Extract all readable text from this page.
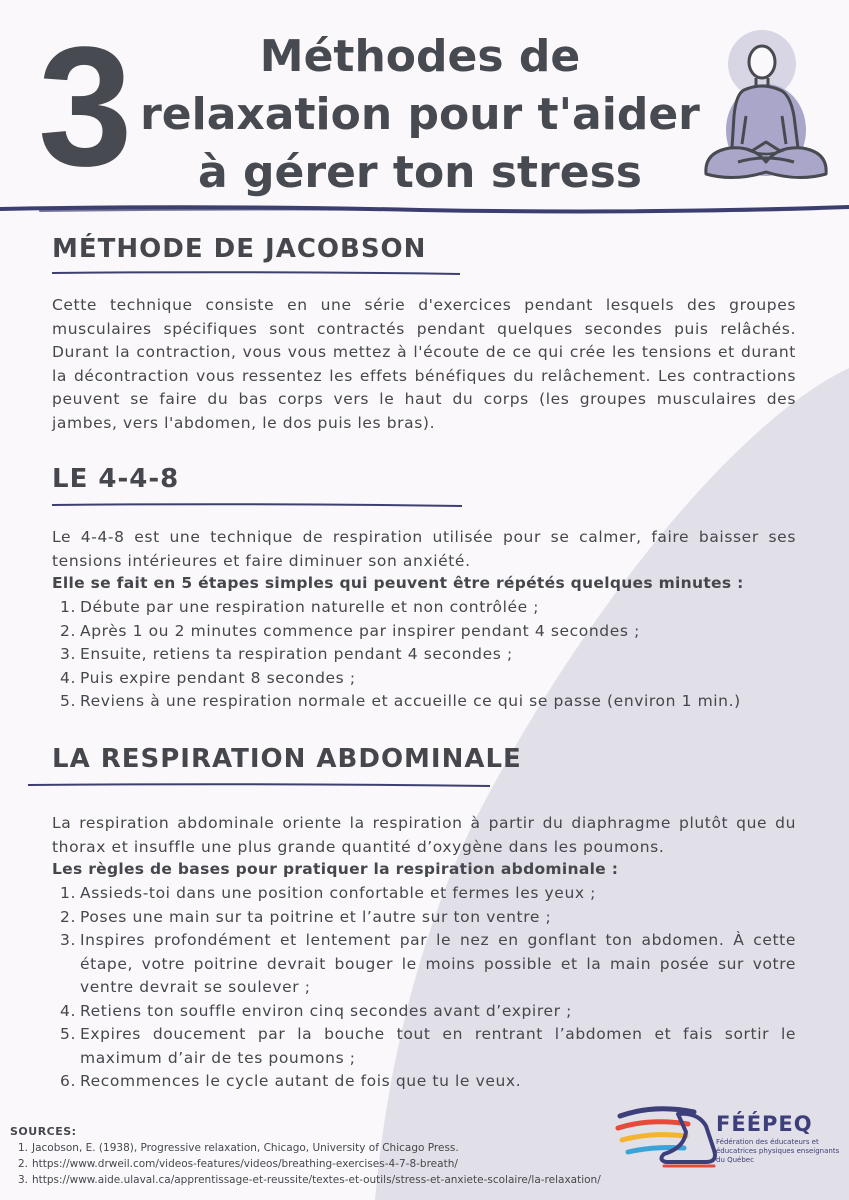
3	Méthodes de
relaxation pour t'aider
à gérer ton stress
MÉTHODE DE JACOBSON
Cette technique consiste en une série d'exercices pendant lesquels des groupes musculaires spécifiques sont contractés pendant quelques secondes puis relâchés. Durant la contraction, vous vous mettez à l'écoute de ce qui crée les tensions et durant la décontraction vous ressentez les effets bénéfiques du relâchement. Les contractions peuvent se faire du bas corps vers le haut du corps (les groupes musculaires des jambes, vers l'abdomen, le dos puis les bras).
LE 4-4-8
Le 4-4-8 est une technique de respiration utilisée pour se calmer, faire baisser ses tensions intérieures et faire diminuer son anxiété.
Elle se fait en 5 étapes simples qui peuvent être répétés quelques minutes :
1. Débute par une respiration naturelle et non contrôlée ;
2. Après 1 ou 2 minutes commence par inspirer pendant 4 secondes ;
3. Ensuite, retiens ta respiration pendant 4 secondes ;
4. Puis expire pendant 8 secondes ;
5. Reviens à une respiration normale et accueille ce qui se passe (environ 1 min.)
LA RESPIRATION ABDOMINALE
La respiration abdominale oriente la respiration à partir du diaphragme plutôt que du thorax et insuffle une plus grande quantité d’oxygène dans les poumons.
Les règles de bases pour pratiquer la respiration abdominale :
1. Assieds-toi dans une position confortable et fermes les yeux ;
2. Poses une main sur ta poitrine et l’autre sur ton ventre ;
3. Inspires profondément et lentement par le nez en gonflant ton abdomen. À cette étape, votre poitrine devrait bouger le moins possible et la main posée sur votre ventre devrait se soulever ;
4. Retiens ton souffle environ cinq secondes avant d’expirer ;
5. Expires doucement par la bouche tout en rentrant l’abdomen et fais sortir le maximum d’air de tes poumons ;
6. Recommences le cycle autant de fois que tu le veux.
SOURCES:
1. Jacobson, E. (1938), Progressive relaxation, Chicago, University of Chicago Press.
2. https://www.drweil.com/videos-features/videos/breathing-exercises-4-7-8-breath/
3. https://www.aide.ulaval.ca/apprentissage-et-reussite/textes-et-outils/stress-et-anxiete-scolaire/la-relaxation/
FÉÉPEQ
Fédération des éducateurs et éducatrices physiques enseignants du Québec
